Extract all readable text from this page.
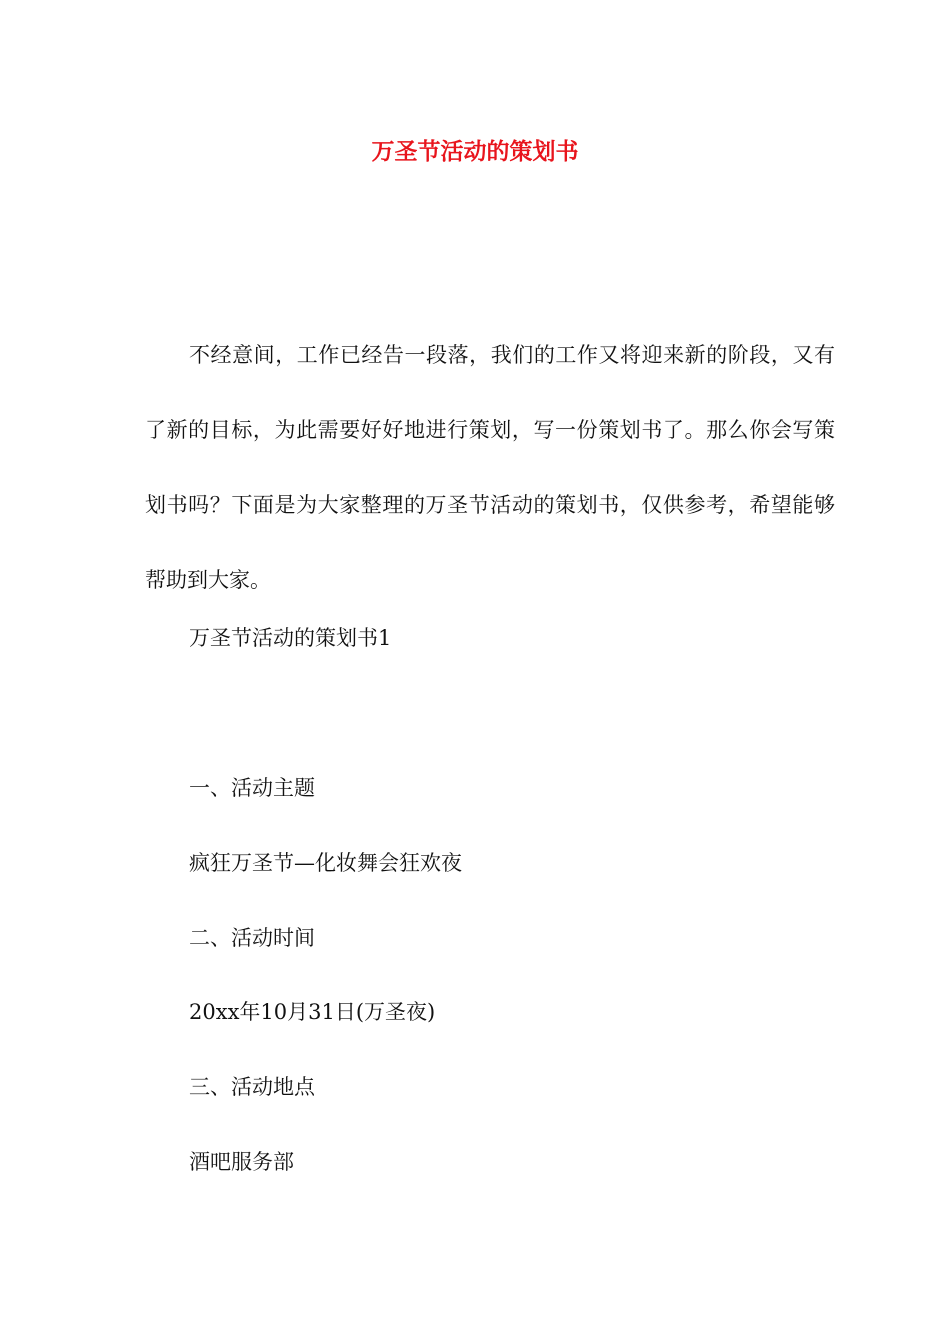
万圣节活动的策划书

不经意间，工作已经告一段落，我们的工作又将迎来新的阶段，又有了新的目标，为此需要好好地进行策划，写一份策划书了。那么你会写策划书吗？下面是为大家整理的万圣节活动的策划书，仅供参考，希望能够帮助到大家。

万圣节活动的策划书1

一、活动主题

疯狂万圣节—化妆舞会狂欢夜

二、活动时间

20xx年10月31日(万圣夜)

三、活动地点

酒吧服务部
